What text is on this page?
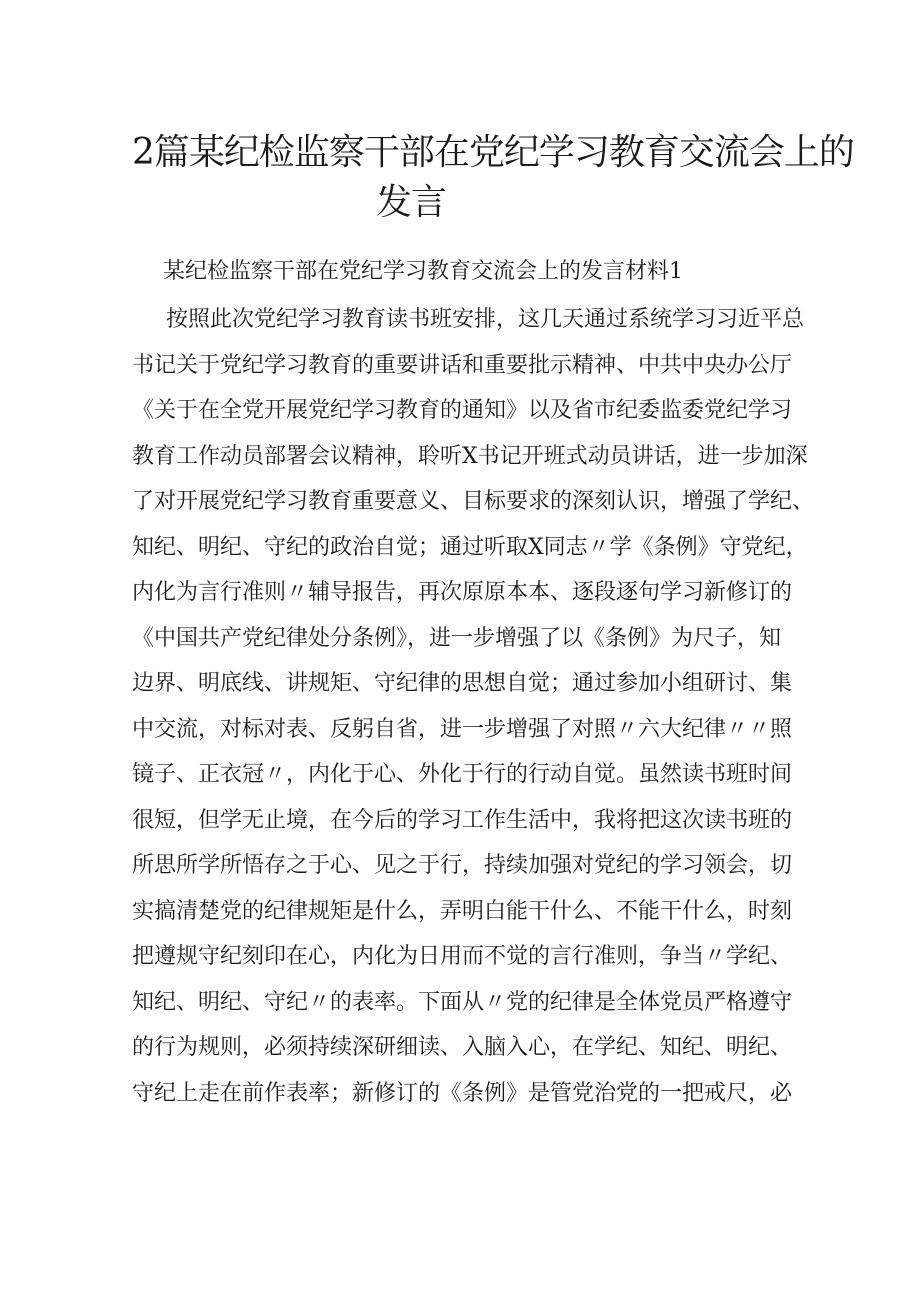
2篇某纪检监察干部在党纪学习教育交流会上的
发言

某纪检监察干部在党纪学习教育交流会上的发言材料1

按照此次党纪学习教育读书班安排，这几天通过系统学习习近平总
书记关于党纪学习教育的重要讲话和重要批示精神、中共中央办公厅
《关于在全党开展党纪学习教育的通知》以及省市纪委监委党纪学习
教育工作动员部署会议精神，聆听X书记开班式动员讲话，进一步加深
了对开展党纪学习教育重要意义、目标要求的深刻认识，增强了学纪、
知纪、明纪、守纪的政治自觉；通过听取X同志〃学《条例》守党纪，
内化为言行准则〃辅导报告，再次原原本本、逐段逐句学习新修订的
《中国共产党纪律处分条例》，进一步增强了以《条例》为尺子，知
边界、明底线、讲规矩、守纪律的思想自觉；通过参加小组研讨、集
中交流，对标对表、反躬自省，进一步增强了对照〃六大纪律〃〃照
镜子、正衣冠〃，内化于心、外化于行的行动自觉。虽然读书班时间
很短，但学无止境，在今后的学习工作生活中，我将把这次读书班的
所思所学所悟存之于心、见之于行，持续加强对党纪的学习领会，切
实搞清楚党的纪律规矩是什么，弄明白能干什么、不能干什么，时刻
把遵规守纪刻印在心，内化为日用而不觉的言行准则，争当〃学纪、
知纪、明纪、守纪〃的表率。下面从〃党的纪律是全体党员严格遵守
的行为规则，必须持续深研细读、入脑入心，在学纪、知纪、明纪、
守纪上走在前作表率；新修订的《条例》是管党治党的一把戒尺，必
